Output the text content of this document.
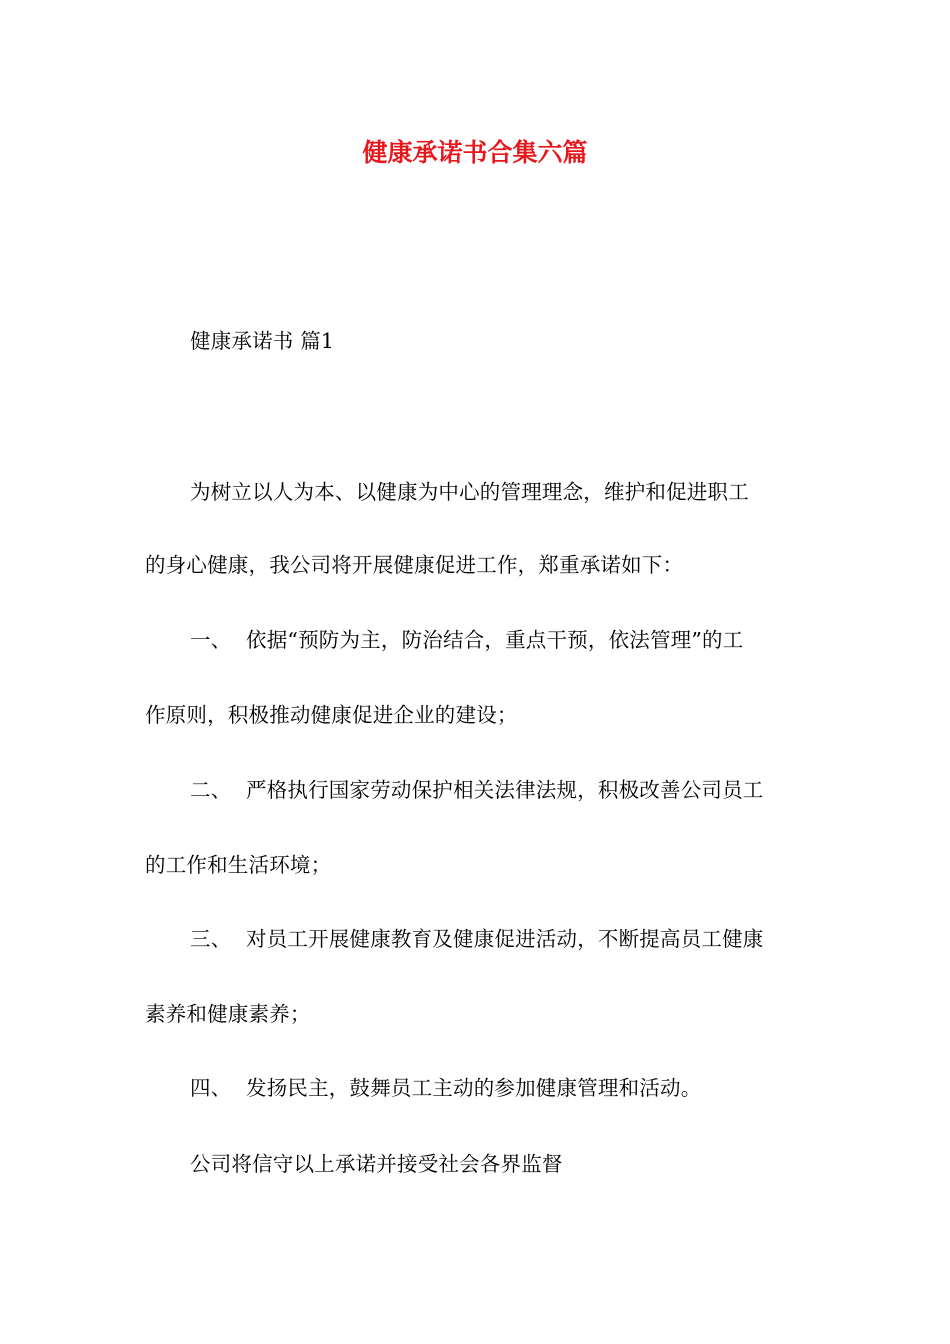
健康承诺书合集六篇
健康承诺书 篇1
为树立以人为本、以健康为中心的管理理念，维护和促进职工
的身心健康，我公司将开展健康促进工作，郑重承诺如下：
一、 依据“预防为主，防治结合，重点干预，依法管理”的工
作原则，积极推动健康促进企业的建设；
二、 严格执行国家劳动保护相关法律法规，积极改善公司员工
的工作和生活环境；
三、 对员工开展健康教育及健康促进活动，不断提高员工健康
素养和健康素养；
四、 发扬民主，鼓舞员工主动的参加健康管理和活动。
公司将信守以上承诺并接受社会各界监督
